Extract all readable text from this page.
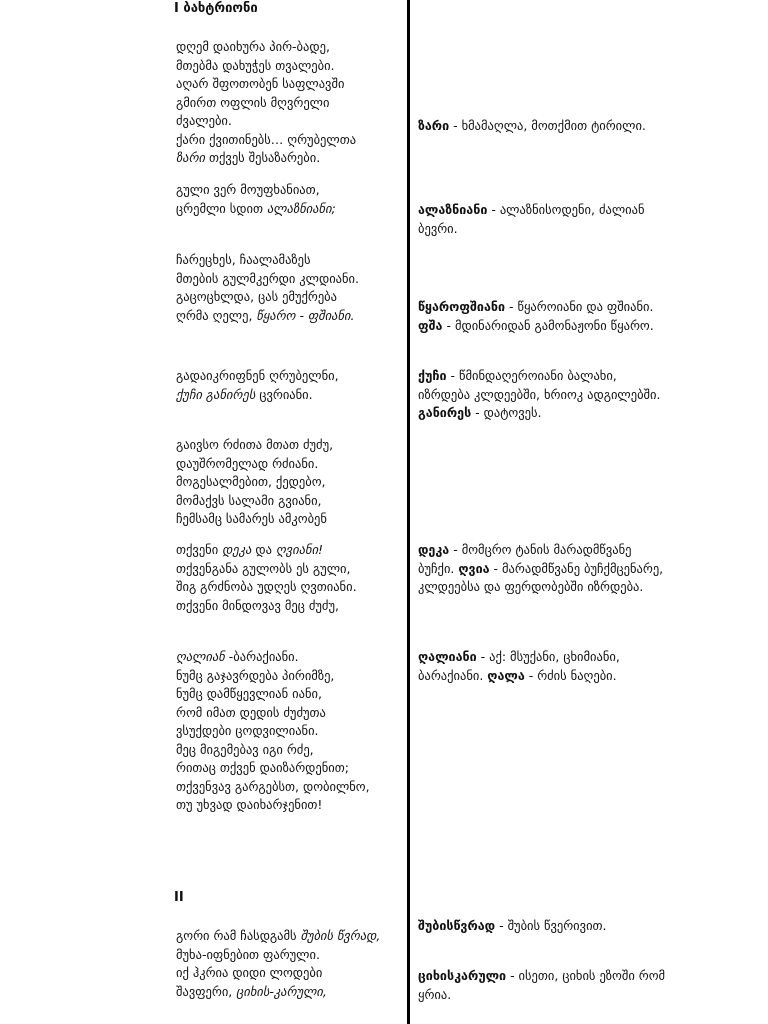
I ბახტრიონი
დღემ დაიხურა პირ-ბადე,
მთებმა დახუჭეს თვალები.
აღარ შფოთობენ საფლავში
გმირთ ოფლის მღვრელი
ძვალები.
ქარი ქვითინებს… ღრუბელთა
ზარი თქვეს შესაზარები.
გული ვერ მოუფხანიათ,
ცრემლი სდით ალაზნიანი;
ჩარეცხეს, ჩაალამაზეს
მთების გულმკერდი კლდიანი.
გაცოცხლდა, ცას ემუქრება
ღრმა ღელე, წყარო - ფშიანი.
გადაიკრიფნენ ღრუბელნი,
ქუჩი განირეს ცვრიანი.
გაივსო რძითა მთათ ძუძუ,
დაუშრომელად რძიანი.
მოგესალმებით, ქედებო,
მომაქვს სალამი გვიანი,
ჩემსამც სამარეს ამკობენ
თქვენი დეკა და ღვიანი!
თქვენგანა გულობს ეს გული,
შიგ გრძნობა უდღეს ღვთიანი.
თქვენი მინდოვავ მეც ძუძუ,
ღალიან -ბარაქიანი.
ნუმც გაჯავრდება პირიმზე,
ნუმც დამწყევლიან იანი,
რომ იმათ დედის ძუძუთა
ვსუქდები ცოდვილიანი.
მეც მიგემებავ იგი რძე,
რითაც თქვენ დაიზარდენით;
თქვენვავ გარგებსთ, დობილნო,
თუ უხვად დაიხარჯენით!
II
გორი რამ ჩასდგამს შუბის წვრად,
მუხა-იფნებით ფარული.
იქ ჰკრია დიდი ლოდები
შავფერი, ციხის-კარული,
ზარი - ხმამაღლა, მოთქმით ტირილი.
ალაზნიანი - ალაზნისოდენი, ძალიან ბევრი.
წყაროფშიანი - წყაროიანი და ფშიანი. ფშა - მდინარიდან გამონაჟონი წყარო.
ქუჩი - წმინდაღეროიანი ბალახი, იზრდება კლდეებში, ხრიოკ ადგილებში. განირეს - დატოვეს.
დეკა - მომცრო ტანის მარადმწვანე ბუჩქი. ღვია - მარადმწვანე ბუჩქმცენარე, კლდეებსა და ფერდობებში იზრდება.
ღალიანი - აქ: მსუქანი, ცხიმიანი, ბარაქიანი. ღალა - რძის ნაღები.
შუბისწვრად - შუბის წვერივით.
ციხისკარული - ისეთი, ციხის ეზოში რომ ყრია.
